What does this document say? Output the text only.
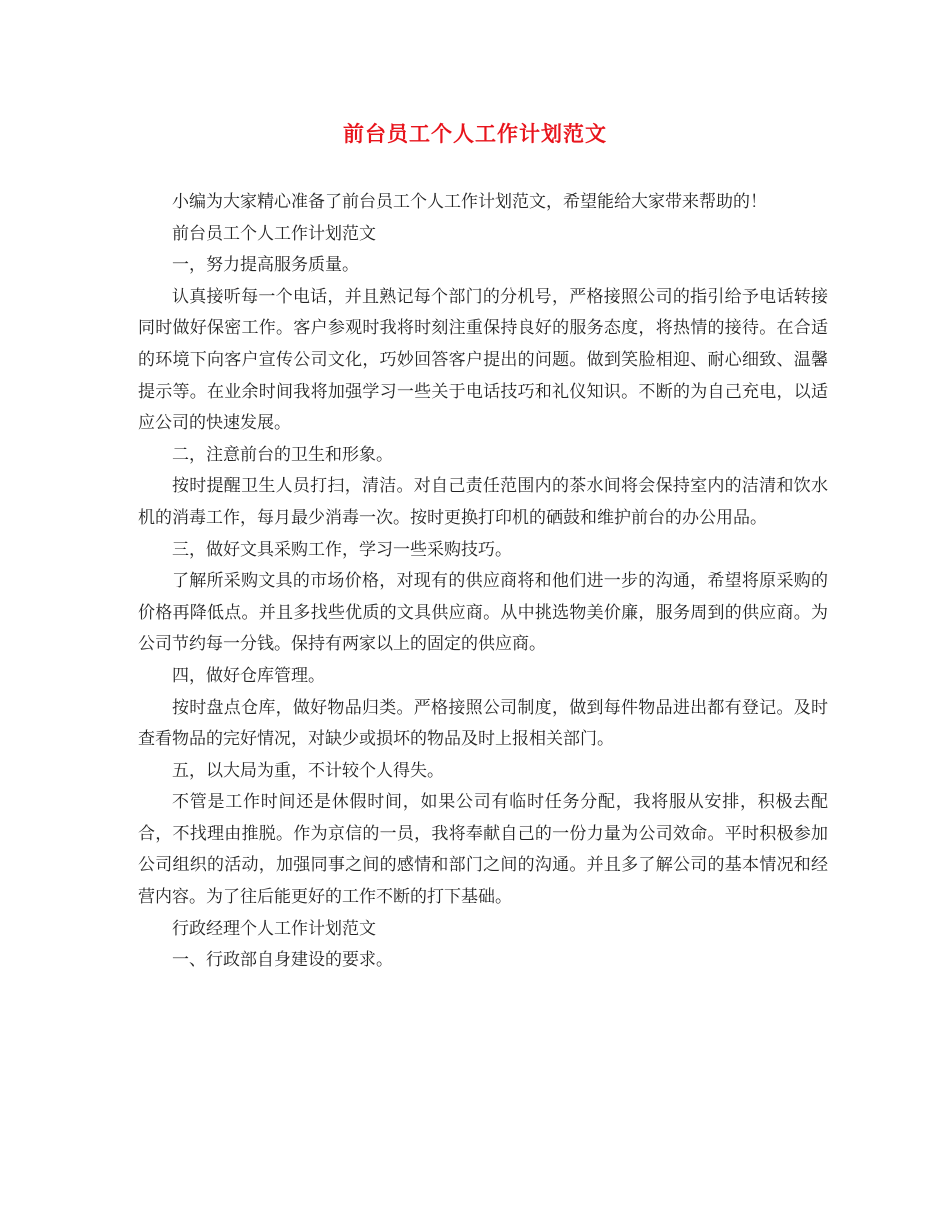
前台员工个人工作计划范文

小编为大家精心准备了前台员工个人工作计划范文，希望能给大家带来帮助的！

前台员工个人工作计划范文

一，努力提高服务质量。

认真接听每一个电话，并且熟记每个部门的分机号，严格接照公司的指引给予电话转接同时做好保密工作。客户参观时我将时刻注重保持良好的服务态度，将热情的接待。在合适的环境下向客户宣传公司文化，巧妙回答客户提出的问题。做到笑脸相迎、耐心细致、温馨提示等。在业余时间我将加强学习一些关于电话技巧和礼仪知识。不断的为自己充电，以适应公司的快速发展。

二，注意前台的卫生和形象。

按时提醒卫生人员打扫，清洁。对自己责任范围内的茶水间将会保持室内的洁清和饮水机的消毒工作，每月最少消毒一次。按时更换打印机的硒鼓和维护前台的办公用品。

三，做好文具采购工作，学习一些采购技巧。

了解所采购文具的市场价格，对现有的供应商将和他们进一步的沟通，希望将原采购的价格再降低点。并且多找些优质的文具供应商。从中挑选物美价廉，服务周到的供应商。为公司节约每一分钱。保持有两家以上的固定的供应商。

四，做好仓库管理。

按时盘点仓库，做好物品归类。严格接照公司制度，做到每件物品进出都有登记。及时查看物品的完好情况，对缺少或损坏的物品及时上报相关部门。

五，以大局为重，不计较个人得失。

不管是工作时间还是休假时间，如果公司有临时任务分配，我将服从安排，积极去配合，不找理由推脱。作为京信的一员，我将奉献自己的一份力量为公司效命。平时积极参加公司组织的活动，加强同事之间的感情和部门之间的沟通。并且多了解公司的基本情况和经营内容。为了往后能更好的工作不断的打下基础。

行政经理个人工作计划范文

一、行政部自身建设的要求。
